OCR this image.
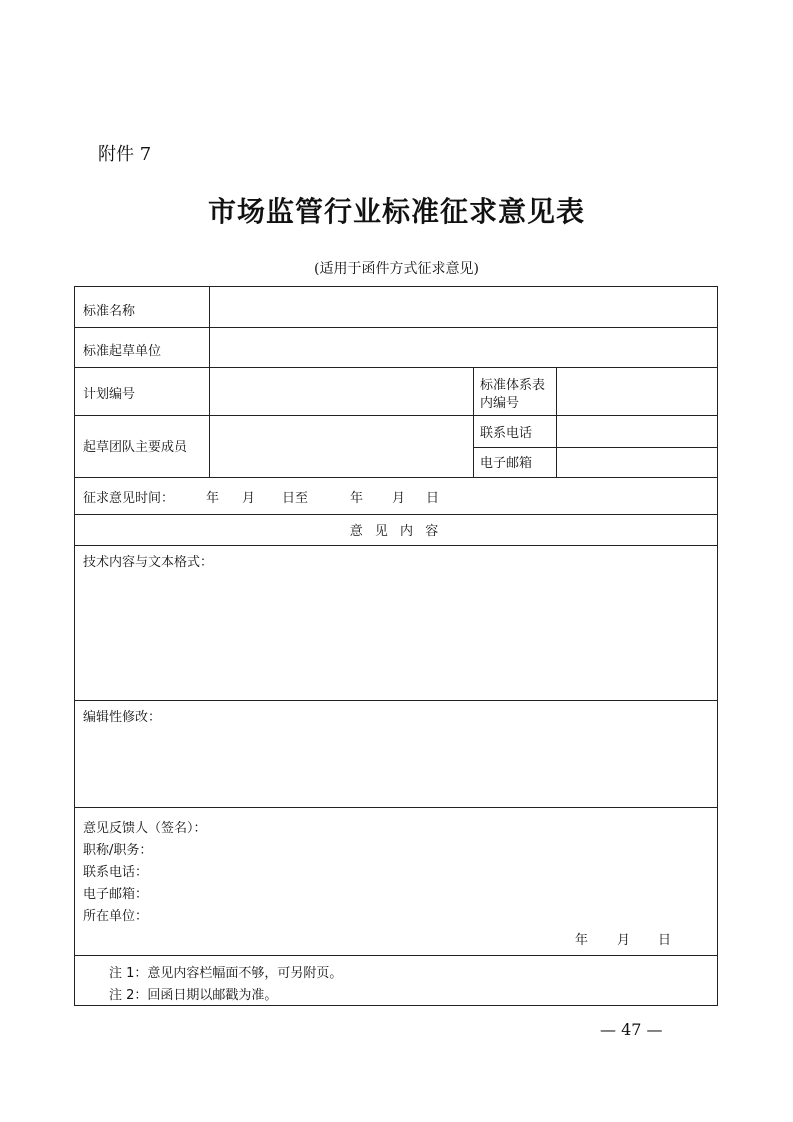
附件 7
市场监管行业标准征求意见表
(适用于函件方式征求意见)
标准名称
标准起草单位
计划编号
标准体系表
内编号
起草团队主要成员
联系电话
电子邮箱
征求意见时间： 年 月 日至	年 月 日
意 见 内 容
技术内容与文本格式：
编辑性修改：
意见反馈人（签名）：
职称/职务：
联系电话：
电子邮箱：
所在单位：
年 月 日
注 1：意见内容栏幅面不够，可另附页。
注 2：回函日期以邮戳为准。
— 47 —
